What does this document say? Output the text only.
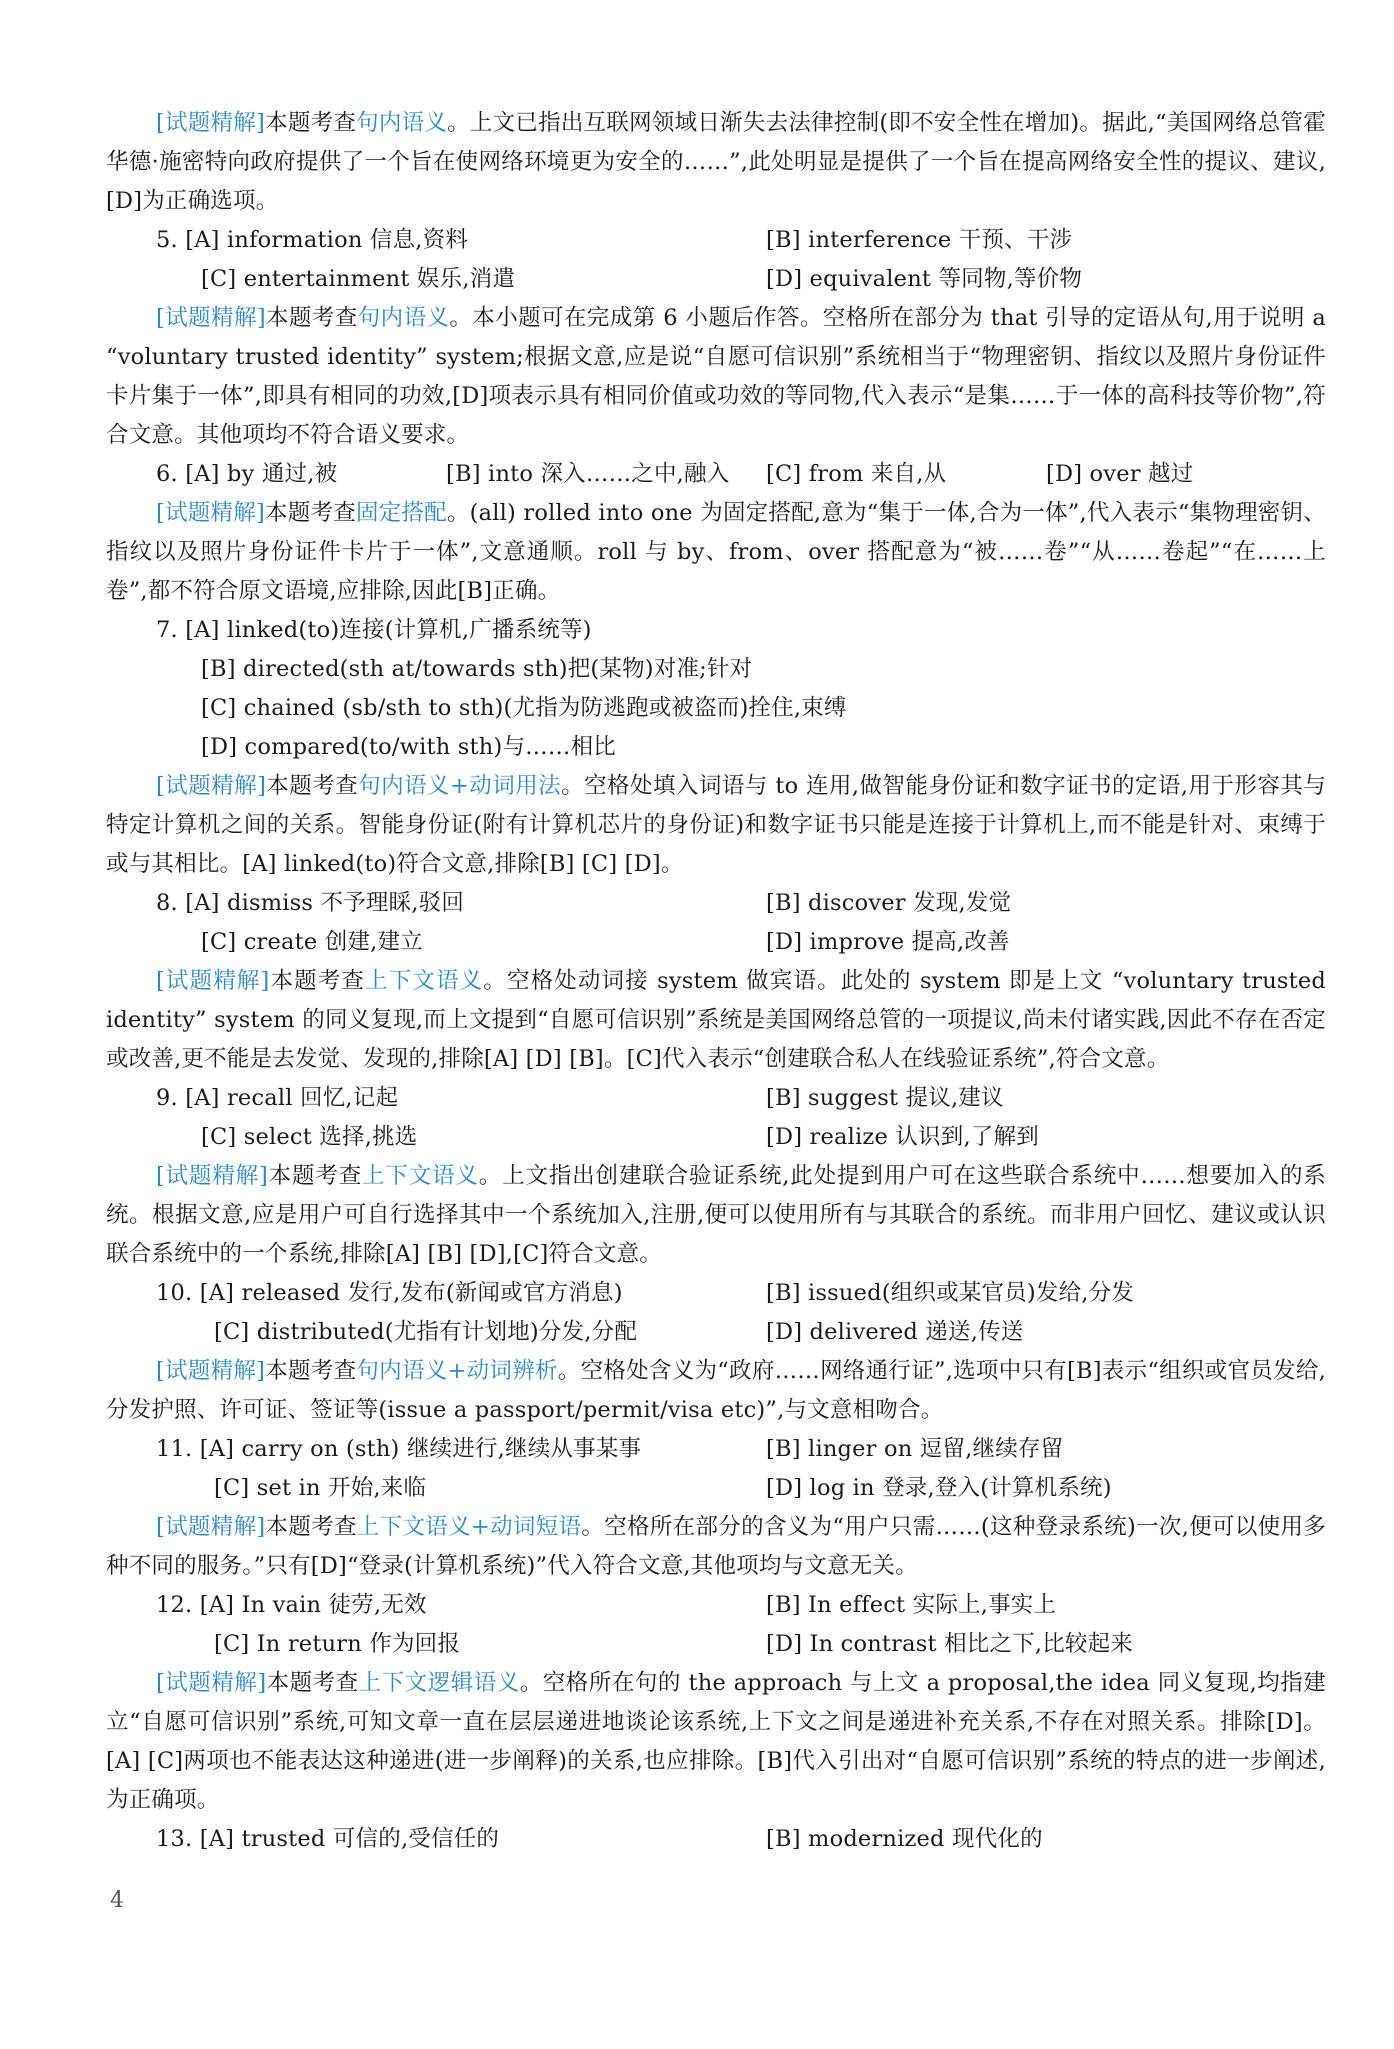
[试题精解]本题考查句内语义。上文已指出互联网领域日渐失去法律控制(即不安全性在增加)。据此,“美国网络总管霍华德·施密特向政府提供了一个旨在使网络环境更为安全的……”,此处明显是提供了一个旨在提高网络安全性的提议、建议,[D]为正确选项。

5. [A] information 信息,资料	[B] interference 干预、干涉
[C] entertainment 娱乐,消遣	[D] equivalent 等同物,等价物

[试题精解]本题考查句内语义。本小题可在完成第 6 小题后作答。空格所在部分为 that 引导的定语从句,用于说明 a “voluntary trusted identity” system;根据文意,应是说“自愿可信识别”系统相当于“物理密钥、指纹以及照片身份证件卡片集于一体”,即具有相同的功效,[D]项表示具有相同价值或功效的等同物,代入表示“是集……于一体的高科技等价物”,符合文意。其他项均不符合语义要求。

6. [A] by 通过,被	[B] into 深入……之中,融入	[C] from 来自,从	[D] over 越过

[试题精解]本题考查固定搭配。(all) rolled into one 为固定搭配,意为“集于一体,合为一体”,代入表示“集物理密钥、指纹以及照片身份证件卡片于一体”,文意通顺。roll 与 by、from、over 搭配意为“被……卷”“从……卷起”“在……上卷”,都不符合原文语境,应排除,因此[B]正确。

7. [A] linked(to)连接(计算机,广播系统等)

[B] directed(sth at/towards sth)把(某物)对准;针对

[C] chained (sb/sth to sth)(尤指为防逃跑或被盗而)拴住,束缚

[D] compared(to/with sth)与……相比

[试题精解]本题考查句内语义+动词用法。空格处填入词语与 to 连用,做智能身份证和数字证书的定语,用于形容其与特定计算机之间的关系。智能身份证(附有计算机芯片的身份证)和数字证书只能是连接于计算机上,而不能是针对、束缚于或与其相比。[A] linked(to)符合文意,排除[B] [C] [D]。

8. [A] dismiss 不予理睬,驳回	[B] discover 发现,发觉
[C] create 创建,建立	[D] improve 提高,改善

[试题精解]本题考查上下文语义。空格处动词接 system 做宾语。此处的 system 即是上文 “voluntary trusted identity” system 的同义复现,而上文提到“自愿可信识别”系统是美国网络总管的一项提议,尚未付诸实践,因此不存在否定或改善,更不能是去发觉、发现的,排除[A] [D] [B]。[C]代入表示“创建联合私人在线验证系统”,符合文意。

9. [A] recall 回忆,记起	[B] suggest 提议,建议
[C] select 选择,挑选	[D] realize 认识到,了解到

[试题精解]本题考查上下文语义。上文指出创建联合验证系统,此处提到用户可在这些联合系统中……想要加入的系统。根据文意,应是用户可自行选择其中一个系统加入,注册,便可以使用所有与其联合的系统。而非用户回忆、建议或认识联合系统中的一个系统,排除[A] [B] [D],[C]符合文意。

10. [A] released 发行,发布(新闻或官方消息)	[B] issued(组织或某官员)发给,分发
[C] distributed(尤指有计划地)分发,分配	[D] delivered 递送,传送

[试题精解]本题考查句内语义+动词辨析。空格处含义为“政府……网络通行证”,选项中只有[B]表示“组织或官员发给,分发护照、许可证、签证等(issue a passport/permit/visa etc)”,与文意相吻合。

11. [A] carry on (sth) 继续进行,继续从事某事	[B] linger on 逗留,继续存留
[C] set in 开始,来临	[D] log in 登录,登入(计算机系统)

[试题精解]本题考查上下文语义+动词短语。空格所在部分的含义为“用户只需……(这种登录系统)一次,便可以使用多种不同的服务。”只有[D]“登录(计算机系统)”代入符合文意,其他项均与文意无关。

12. [A] In vain 徒劳,无效	[B] In effect 实际上,事实上
[C] In return 作为回报	[D] In contrast 相比之下,比较起来

[试题精解]本题考查上下文逻辑语义。空格所在句的 the approach 与上文 a proposal,the idea 同义复现,均指建立“自愿可信识别”系统,可知文章一直在层层递进地谈论该系统,上下文之间是递进补充关系,不存在对照关系。排除[D]。[A] [C]两项也不能表达这种递进(进一步阐释)的关系,也应排除。[B]代入引出对“自愿可信识别”系统的特点的进一步阐述,为正确项。

13. [A] trusted 可信的,受信任的	[B] modernized 现代化的
4
